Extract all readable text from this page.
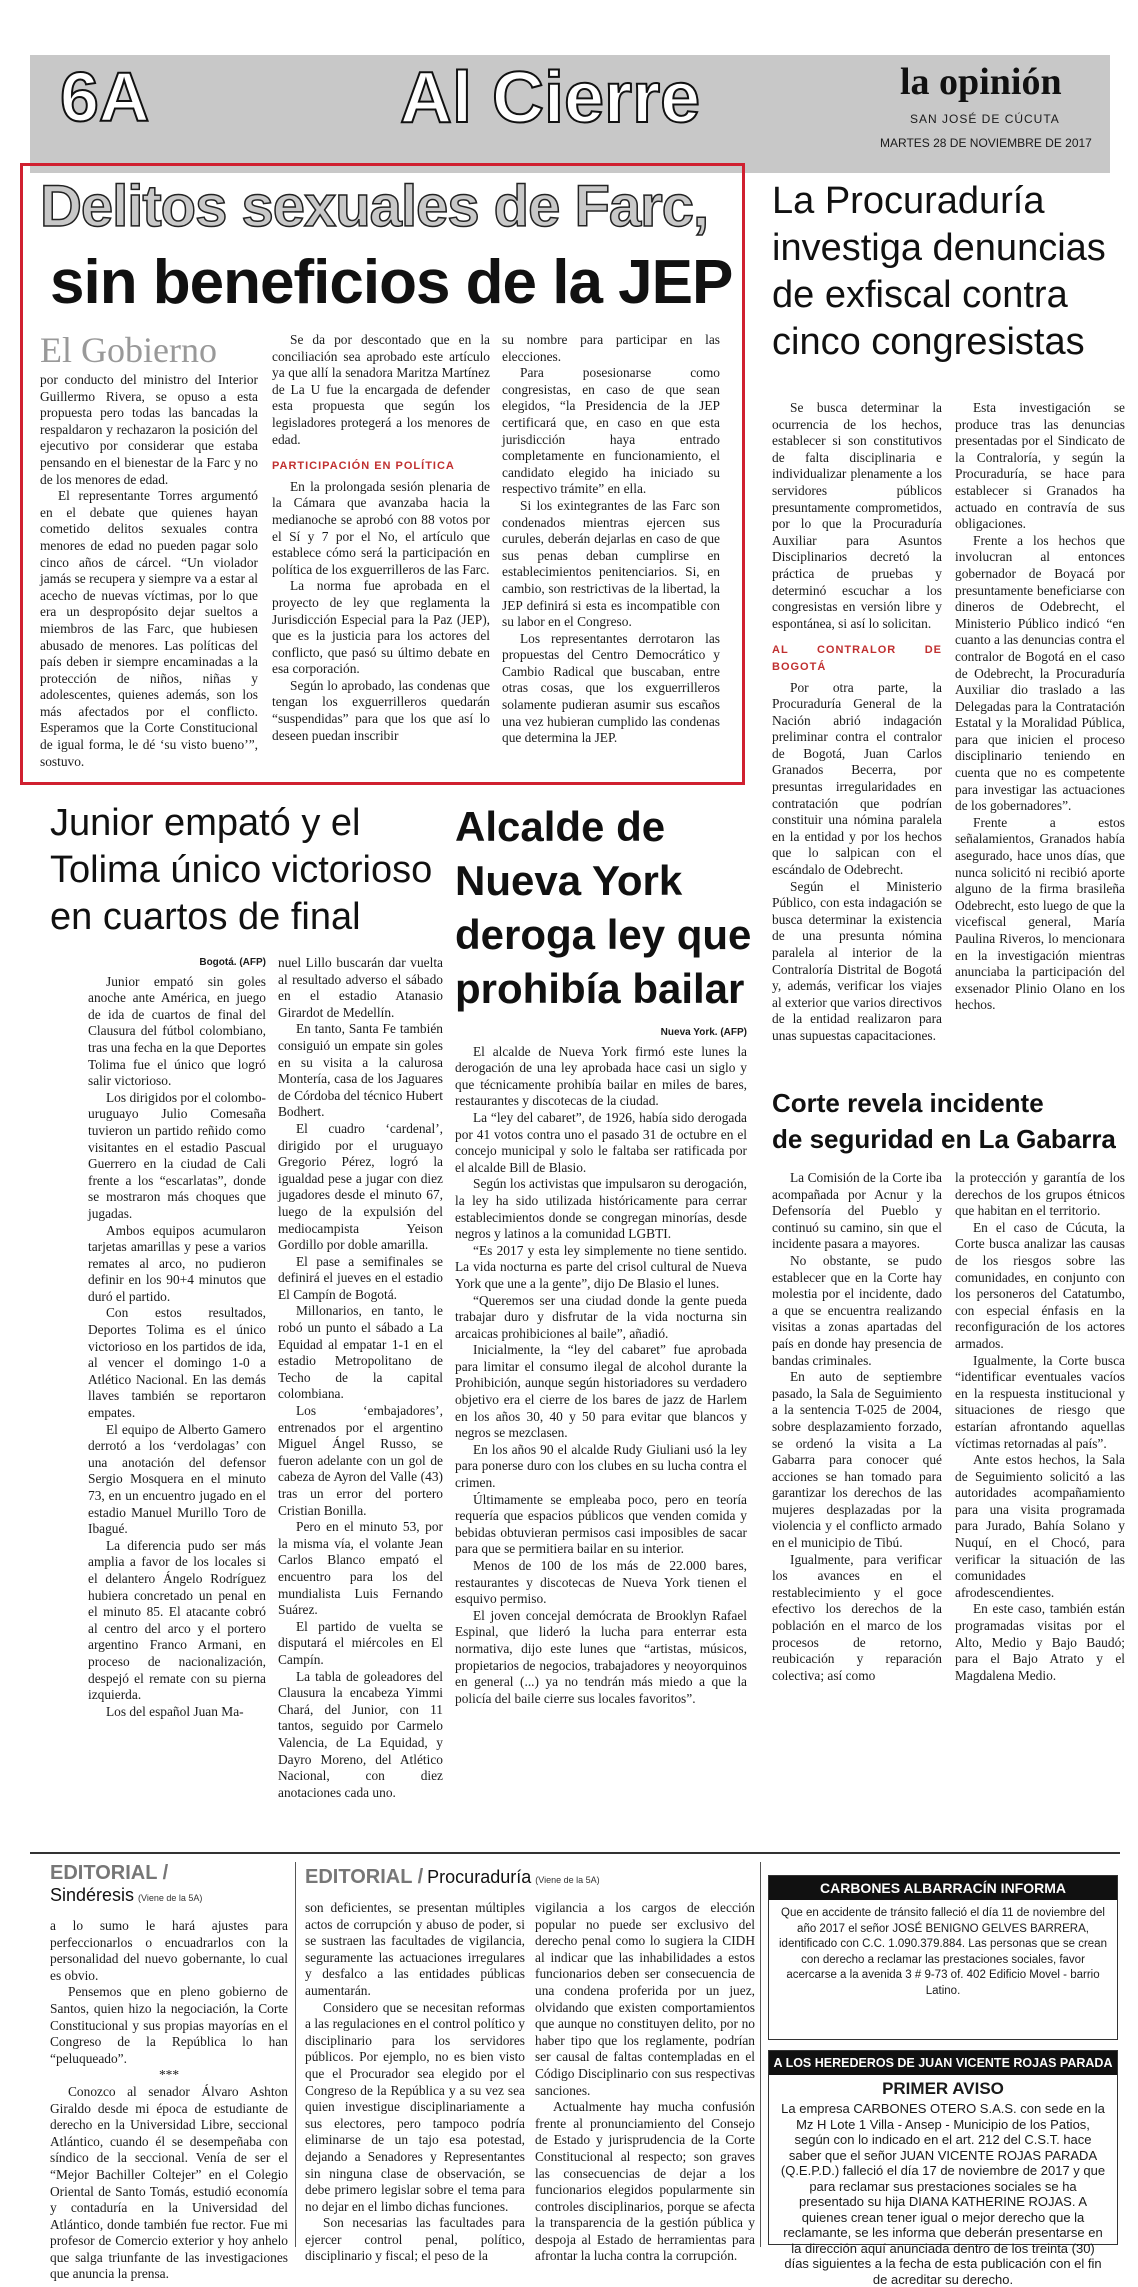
6A	Al Cierre	la opinión
SAN JOSÉ DE CÚCUTA
MARTES 28 DE NOVIEMBRE DE 2017
Delitos sexuales de Farc,
sin beneficios de la JEP
El Gobierno

por conducto del ministro del Interior Guillermo Rivera, se opuso a esta propuesta pero todas las bancadas la respaldaron y rechazaron la posición del ejecutivo por considerar que estaba pensando en el bienestar de la Farc y no de los menores de edad.

El representante Torres argumentó en el debate que quienes hayan cometido delitos sexuales contra menores de edad no pueden pagar solo cinco años de cárcel. “Un violador jamás se recupera y siempre va a estar al acecho de nuevas víctimas, por lo que era un despropósito dejar sueltos a miembros de las Farc, que hubiesen abusado de menores. Las políticas del país deben ir siempre encaminadas a la protección de niños, niñas y adolescentes, quienes además, son los más afectados por el conflicto. Esperamos que la Corte Constitucional de igual forma, le dé ‘su visto bueno’”, sostuvo.

Se da por descontado que en la conciliación sea aprobado este artículo ya que allí la senadora Maritza Martínez de La U fue la encargada de defender esta propuesta que según los legisladores protegerá a los menores de edad.

PARTICIPACIÓN EN POLÍTICA

En la prolongada sesión plenaria de la Cámara que avanzaba hacia la medianoche se aprobó con 88 votos por el Sí y 7 por el No, el artículo que establece cómo será la participación en política de los exguerrilleros de las Farc.

La norma fue aprobada en el proyecto de ley que reglamenta la Jurisdicción Especial para la Paz (JEP), que es la justicia para los actores del conflicto, que pasó su último debate en esa corporación.

Según lo aprobado, las condenas que tengan los exguerrilleros quedarán “suspendidas” para que los que así lo deseen puedan inscribir

su nombre para participar en las elecciones.

Para posesionarse como congresistas, en caso de que sean elegidos, “la Presidencia de la JEP certificará que, en caso en que esta jurisdicción haya entrado completamente en funcionamiento, el candidato elegido ha iniciado su respectivo trámite” en ella.

Si los exintegrantes de las Farc son condenados mientras ejercen sus curules, deberán dejarlas en caso de que sus penas deban cumplirse en establecimientos penitenciarios. Si, en cambio, son restrictivas de la libertad, la JEP definirá si esta es incompatible con su labor en el Congreso.

Los representantes derrotaron las propuestas del Centro Democrático y Cambio Radical que buscaban, entre otras cosas, que los exguerrilleros solamente pudieran asumir sus escaños una vez hubieran cumplido las condenas que determina la JEP.

La Procuraduría
investiga denuncias
de exfiscal contra
cinco congresistas

Se busca determinar la ocurrencia de los hechos, establecer si son constitutivos de falta disciplinaria e individualizar plenamente a los servidores públicos presuntamente comprometidos, por lo que la Procuraduría Auxiliar para Asuntos Disciplinarios decretó la práctica de pruebas y determinó escuchar a los congresistas en versión libre y espontánea, si así lo solicitan.

AL CONTRALOR DE BOGOTÁ

Por otra parte, la Procuraduría General de la Nación abrió indagación preliminar contra el contralor de Bogotá, Juan Carlos Granados Becerra, por presuntas irregularidades en contratación que podrían constituir una nómina paralela en la entidad y por los hechos que lo salpican con el escándalo de Odebrecht.

Según el Ministerio Público, con esta indagación se busca determinar la existencia de una presunta nómina paralela al interior de la Contraloría Distrital de Bogotá y, además, verificar los viajes al exterior que varios directivos de la entidad realizaron para unas supuestas capacitaciones.

Esta investigación se produce tras las denuncias presentadas por el Sindicato de la Contraloría, y según la Procuraduría, se hace para establecer si Granados ha actuado en contravía de sus obligaciones.

Frente a los hechos que involucran al entonces gobernador de Boyacá por presuntamente beneficiarse con dineros de Odebrecht, el Ministerio Público indicó “en cuanto a las denuncias contra el contralor de Bogotá en el caso de Odebrecht, la Procuraduría Auxiliar dio traslado a las Delegadas para la Contratación Estatal y la Moralidad Pública, para que inicien el proceso disciplinario teniendo en cuenta que no es competente para investigar las actuaciones de los gobernadores”.

Frente a estos señalamientos, Granados había asegurado, hace unos días, que nunca solicitó ni recibió aporte alguno de la firma brasileña Odebrecht, esto luego de que la vicefiscal general, María Paulina Riveros, lo mencionara en la investigación mientras anunciaba la participación del exsenador Plinio Olano en los hechos.

Junior empató y el
Tolima único victorioso
en cuartos de final
Bogotá. (AFP)

Junior empató sin goles anoche ante América, en juego de ida de cuartos de final del Clausura del fútbol colombiano, tras una fecha en la que Deportes Tolima fue el único que logró salir victorioso.

Los dirigidos por el colombo-uruguayo Julio Comesaña tuvieron un partido reñido como visitantes en el estadio Pascual Guerrero en la ciudad de Cali frente a los “escarlatas”, donde se mostraron más choques que jugadas.

Ambos equipos acumularon tarjetas amarillas y pese a varios remates al arco, no pudieron definir en los 90+4 minutos que duró el partido.

Con estos resultados, Deportes Tolima es el único victorioso en los partidos de ida, al vencer el domingo 1-0 a Atlético Nacional. En las demás llaves también se reportaron empates.

El equipo de Alberto Gamero derrotó a los ‘verdolagas’ con una anotación del defensor Sergio Mosquera en el minuto 73, en un encuentro jugado en el estadio Manuel Murillo Toro de Ibagué.

La diferencia pudo ser más amplia a favor de los locales si el delantero Ángelo Rodríguez hubiera concretado un penal en el minuto 85. El atacante cobró al centro del arco y el portero argentino Franco Armani, en proceso de nacionalización, despejó el remate con su pierna izquierda.

Los del español Juan Ma-

nuel Lillo buscarán dar vuelta al resultado adverso el sábado en el estadio Atanasio Girardot de Medellín.

En tanto, Santa Fe también consiguió un empate sin goles en su visita a la calurosa Montería, casa de los Jaguares de Córdoba del técnico Hubert Bodhert.

El cuadro ‘cardenal’, dirigido por el uruguayo Gregorio Pérez, logró la igualdad pese a jugar con diez jugadores desde el minuto 67, luego de la expulsión del mediocampista Yeison Gordillo por doble amarilla.

El pase a semifinales se definirá el jueves en el estadio El Campín de Bogotá.

Millonarios, en tanto, le robó un punto el sábado a La Equidad al empatar 1-1 en el estadio Metropolitano de Techo de la capital colombiana.

Los ‘embajadores’, entrenados por el argentino Miguel Ángel Russo, se fueron adelante con un gol de cabeza de Ayron del Valle (43) tras un error del portero Cristian Bonilla.

Pero en el minuto 53, por la misma vía, el volante Jean Carlos Blanco empató el encuentro para los del mundialista Luis Fernando Suárez.

El partido de vuelta se disputará el miércoles en El Campín.

La tabla de goleadores del Clausura la encabeza Yimmi Chará, del Junior, con 11 tantos, seguido por Carmelo Valencia, de La Equidad, y Dayro Moreno, del Atlético Nacional, con diez anotaciones cada uno.

Alcalde de
Nueva York
deroga ley que
prohibía bailar
Nueva York. (AFP)

El alcalde de Nueva York firmó este lunes la derogación de una ley aprobada hace casi un siglo y que técnicamente prohibía bailar en miles de bares, restaurantes y discotecas de la ciudad.

La “ley del cabaret”, de 1926, había sido derogada por 41 votos contra uno el pasado 31 de octubre en el concejo municipal y solo le faltaba ser ratificada por el alcalde Bill de Blasio.

Según los activistas que impulsaron su derogación, la ley ha sido utilizada históricamente para cerrar establecimientos donde se congregan minorías, desde negros y latinos a la comunidad LGBTI.

“Es 2017 y esta ley simplemente no tiene sentido. La vida nocturna es parte del crisol cultural de Nueva York que une a la gente”, dijo De Blasio el lunes.

“Queremos ser una ciudad donde la gente pueda trabajar duro y disfrutar de la vida nocturna sin arcaicas prohibiciones al baile”, añadió.

Inicialmente, la “ley del cabaret” fue aprobada para limitar el consumo ilegal de alcohol durante la Prohibición, aunque según historiadores su verdadero objetivo era el cierre de los bares de jazz de Harlem en los años 30, 40 y 50 para evitar que blancos y negros se mezclasen.

En los años 90 el alcalde Rudy Giuliani usó la ley para ponerse duro con los clubes en su lucha contra el crimen.

Últimamente se empleaba poco, pero en teoría requería que espacios públicos que venden comida y bebidas obtuvieran permisos casi imposibles de sacar para que se permitiera bailar en su interior.

Menos de 100 de los más de 22.000 bares, restaurantes y discotecas de Nueva York tienen el esquivo permiso.

El joven concejal demócrata de Brooklyn Rafael Espinal, que lideró la lucha para enterrar esta normativa, dijo este lunes que “artistas, músicos, propietarios de negocios, trabajadores y neoyorquinos en general (...) ya no tendrán más miedo a que la policía del baile cierre sus locales favoritos”.

Corte revela incidente
de seguridad en La Gabarra

La Comisión de la Corte iba acompañada por Acnur y la Defensoría del Pueblo y continuó su camino, sin que el incidente pasara a mayores.

No obstante, se pudo establecer que en la Corte hay molestia por el incidente, dado a que se encuentra realizando visitas a zonas apartadas del país en donde hay presencia de bandas criminales.

En auto de septiembre pasado, la Sala de Seguimiento a la sentencia T-025 de 2004, sobre desplazamiento forzado, se ordenó la visita a La Gabarra para conocer qué acciones se han tomado para garantizar los derechos de las mujeres desplazadas por la violencia y el conflicto armado en el municipio de Tibú.

Igualmente, para verificar los avances en el restablecimiento y el goce efectivo los derechos de la población en el marco de los procesos de retorno, reubicación y reparación colectiva; así como

la protección y garantía de los derechos de los grupos étnicos que habitan en el territorio.

En el caso de Cúcuta, la Corte busca analizar las causas de los riesgos sobre las comunidades, en conjunto con los personeros del Catatumbo, con especial énfasis en la reconfiguración de los actores armados.

Igualmente, la Corte busca “identificar eventuales vacíos en la respuesta institucional y situaciones de riesgo que estarían afrontando aquellas víctimas retornadas al país”.

Ante estos hechos, la Sala de Seguimiento solicitó a las autoridades acompañamiento para una visita programada para Jurado, Bahía Solano y Nuquí, en el Chocó, para verificar la situación de las comunidades afrodescendientes.

En este caso, también están programadas visitas por el Alto, Medio y Bajo Baudó; para el Bajo Atrato y el Magdalena Medio.

EDITORIAL /
Sindéresis (Viene de la 5A)

a lo sumo le hará ajustes para perfeccionarlos o encuadrarlos con la personalidad del nuevo gobernante, lo cual es obvio.

Pensemos que en pleno gobierno de Santos, quien hizo la negociación, la Corte Constitucional y sus propias mayorías en el Congreso de la República lo han “peluqueado”.

***

Conozco al senador Álvaro Ashton Giraldo desde mi época de estudiante de derecho en la Universidad Libre, seccional Atlántico, cuando él se desempeñaba con síndico de la seccional. Venía de ser el “Mejor Bachiller Coltejer” en el Colegio Oriental de Santo Tomás, estudió economía y contaduría en la Universidad del Atlántico, donde también fue rector. Fue mi profesor de Comercio exterior y hoy anhelo que salga triunfante de las investigaciones que anuncia la prensa.

EDITORIAL / Procuraduría (Viene de la 5A)

son deficientes, se presentan múltiples actos de corrupción y abuso de poder, si se sustraen las facultades de vigilancia, seguramente las actuaciones irregulares y desfalco a las entidades públicas aumentarán.

Considero que se necesitan reformas a las regulaciones en el control político y disciplinario para los servidores públicos. Por ejemplo, no es bien visto que el Procurador sea elegido por el Congreso de la República y a su vez sea quien investigue disciplinariamente a sus electores, pero tampoco podría eliminarse de un tajo esa potestad, dejando a Senadores y Representantes sin ninguna clase de observación, se debe primero legislar sobre el tema para no dejar en el limbo dichas funciones.

Son necesarias las facultades para ejercer control penal, político, disciplinario y fiscal; el peso de la

vigilancia a los cargos de elección popular no puede ser exclusivo del derecho penal como lo sugiera la CIDH al indicar que las inhabilidades a estos funcionarios deben ser consecuencia de una condena proferida por un juez, olvidando que existen comportamientos que aunque no constituyen delito, por no haber tipo que los reglamente, podrían ser causal de faltas contempladas en el Código Disciplinario con sus respectivas sanciones.

Actualmente hay mucha confusión frente al pronunciamiento del Consejo de Estado y jurisprudencia de la Corte Constitucional al respecto; son graves las consecuencias de dejar a los funcionarios elegidos popularmente sin controles disciplinarios, porque se afecta la transparencia de la gestión pública y despoja al Estado de herramientas para afrontar la lucha contra la corrupción.

CARBONES ALBARRACÍN INFORMA
Que en accidente de tránsito falleció el día 11 de noviembre del año 2017 el señor JOSÉ BENIGNO GELVES BARRERA, identificado con C.C. 1.090.379.884. Las personas que se crean con derecho a reclamar las prestaciones sociales, favor acercarse a la avenida 3 # 9-73 of. 402 Edificio Movel - barrio Latino.
A LOS HEREDEROS DE JUAN VICENTE ROJAS PARADA
PRIMER AVISO
La empresa CARBONES OTERO S.A.S. con sede en la Mz H Lote 1 Villa - Ansep - Municipio de los Patios, según con lo indicado en el art. 212 del C.S.T. hace saber que el señor JUAN VICENTE ROJAS PARADA (Q.E.P.D.) falleció el día 17 de noviembre de 2017 y que para reclamar sus prestaciones sociales se ha presentado su hija DIANA KATHERINE ROJAS. A quienes crean tener igual o mejor derecho que la reclamante, se les informa que deberán presentarse en la dirección aquí anunciada dentro de los treinta (30) días siguientes a la fecha de esta publicación con el fin de acreditar su derecho.
